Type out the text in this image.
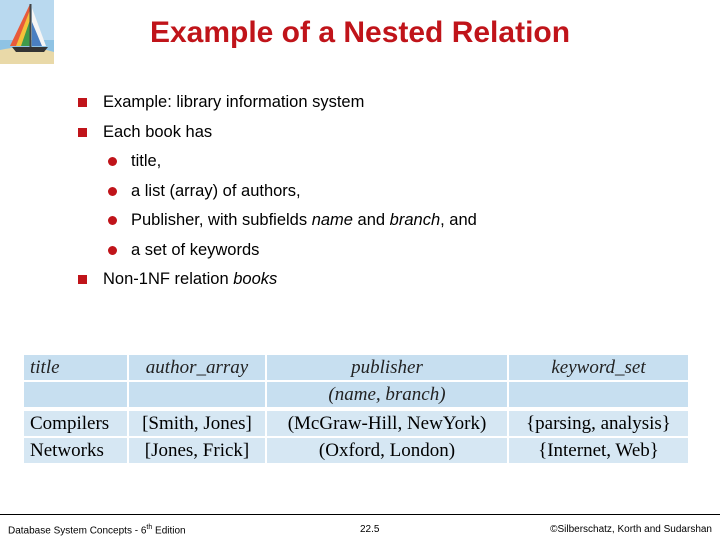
Example of a Nested Relation
Example: library information system
Each book has
title,
a list (array) of authors,
Publisher, with subfields name and branch, and
a set of keywords
Non-1NF relation books
title	author_array	publisher	keyword_set
		(name, branch)	

Compilers	[Smith, Jones]	(McGraw-Hill, NewYork)	{parsing, analysis}
Networks	[Jones, Frick]	(Oxford, London)	{Internet, Web}
Database System Concepts - 6th Edition	22.5	©Silberschatz, Korth and Sudarshan
